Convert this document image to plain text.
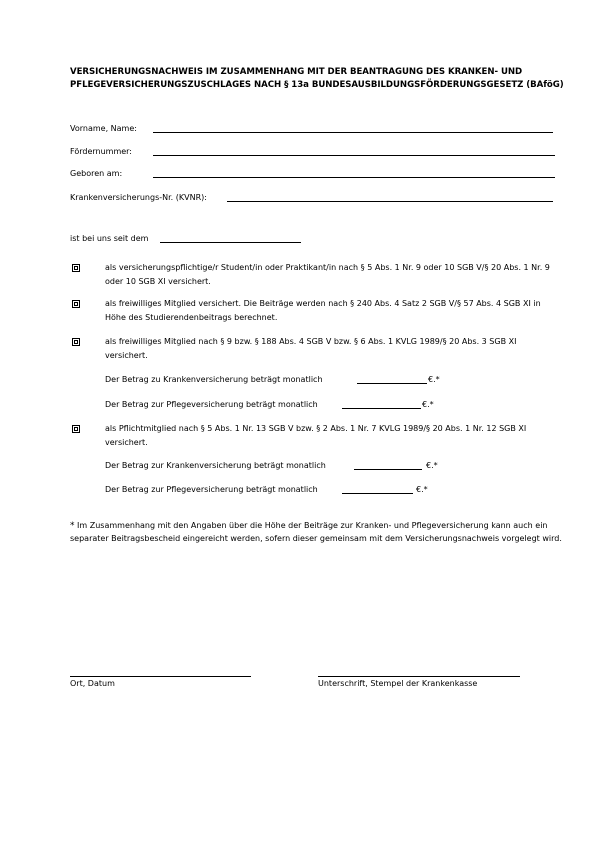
VERSICHERUNGSNACHWEIS IM ZUSAMMENHANG MIT DER BEANTRAGUNG DES KRANKEN- UND PFLEGEVERSICHERUNGSZUSCHLAGES NACH § 13a BUNDESAUSBILDUNGSFÖRDERUNGSGESETZ (BAföG)
Vorname, Name:
Fördernummer:
Geboren am:
Krankenversicherungs-Nr. (KVNR):
ist bei uns seit dem
als versicherungspflichtige/r Student/in oder Praktikant/in nach § 5 Abs. 1 Nr. 9 oder 10 SGB V/§ 20 Abs. 1 Nr. 9 oder 10 SGB XI versichert.
als freiwilliges Mitglied versichert. Die Beiträge werden nach § 240 Abs. 4 Satz 2 SGB V/§ 57 Abs. 4 SGB XI in Höhe des Studierendenbeitrags berechnet.
als freiwilliges Mitglied nach § 9 bzw. § 188 Abs. 4 SGB V bzw. § 6 Abs. 1 KVLG 1989/§ 20 Abs. 3 SGB XI versichert.
Der Betrag zu Krankenversicherung beträgt monatlich	€.*
Der Betrag zur Pflegeversicherung beträgt monatlich	€.*
als Pflichtmitglied nach § 5 Abs. 1 Nr. 13 SGB V bzw. § 2 Abs. 1 Nr. 7 KVLG 1989/§ 20 Abs. 1 Nr. 12 SGB XI versichert.
Der Betrag zur Krankenversicherung beträgt monatlich	€.*
Der Betrag zur Pflegeversicherung beträgt monatlich	€.*
* Im Zusammenhang mit den Angaben über die Höhe der Beiträge zur Kranken- und Pflegeversicherung kann auch ein separater Beitragsbescheid eingereicht werden, sofern dieser gemeinsam mit dem Versicherungsnachweis vorgelegt wird.
Ort, Datum	Unterschrift, Stempel der Krankenkasse
